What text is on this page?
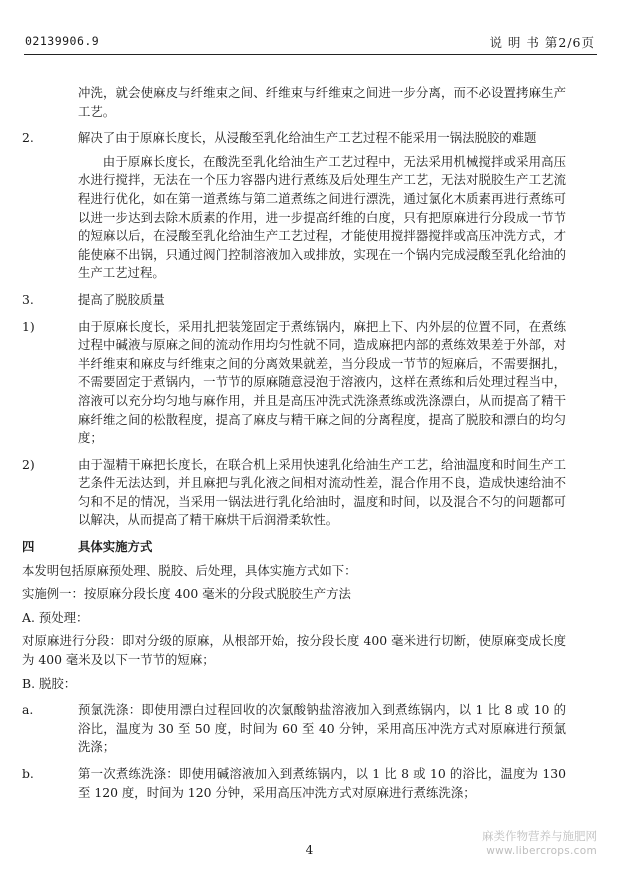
02139906.9	说 明 书 第2/6页

冲洗，就会使麻皮与纤维束之间、纤维束与纤维束之间进一步分离，而不必设置拷麻生产工艺。

2.	解决了由于原麻长度长，从浸酸至乳化给油生产工艺过程不能采用一锅法脱胶的难题

由于原麻长度长，在酸洗至乳化给油生产工艺过程中，无法采用机械搅拌或采用高压水进行搅拌，无法在一个压力容器内进行煮练及后处理生产工艺，无法对脱胶生产工艺流程进行优化，如在第一道煮练与第二道煮练之间进行漂洗，通过氯化木质素再进行煮练可以进一步达到去除木质素的作用，进一步提高纤维的白度，只有把原麻进行分段成一节节的短麻以后，在浸酸至乳化给油生产工艺过程，才能使用搅拌器搅拌或高压冲洗方式，才能使麻不出锅，只通过阀门控制溶液加入或排放，实现在一个锅内完成浸酸至乳化给油的生产工艺过程。

3.	提高了脱胶质量

1)	由于原麻长度长，采用扎把装笼固定于煮练锅内，麻把上下、内外层的位置不同，在煮练过程中碱液与原麻之间的流动作用均匀性就不同，造成麻把内部的煮练效果差于外部，对半纤维束和麻皮与纤维束之间的分离效果就差，当分段成一节节的短麻后，不需要捆扎，不需要固定于煮锅内，一节节的原麻随意浸泡于溶液内，这样在煮练和后处理过程当中，溶液可以充分均匀地与麻作用，并且是高压冲洗式洗涤煮练或洗涤漂白，从而提高了精干麻纤维之间的松散程度，提高了麻皮与精干麻之间的分离程度，提高了脱胶和漂白的均匀度；

2)	由于湿精干麻把长度长，在联合机上采用快速乳化给油生产工艺，给油温度和时间生产工艺条件无法达到，并且麻把与乳化液之间相对流动性差，混合作用不良，造成快速给油不匀和不足的情况，当采用一锅法进行乳化给油时，温度和时间，以及混合不匀的问题都可以解决，从而提高了精干麻烘干后润滑柔软性。

四	具体实施方式

本发明包括原麻预处理、脱胶、后处理，具体实施方式如下：

实施例一：按原麻分段长度 400 毫米的分段式脱胶生产方法

A. 预处理：

对原麻进行分段：即对分级的原麻，从根部开始，按分段长度 400 毫米进行切断，使原麻变成长度为 400 毫米及以下一节节的短麻；

B. 脱胶：

a.	预氯洗涤：即使用漂白过程回收的次氯酸钠盐溶液加入到煮练锅内，以 1 比 8 或 10 的浴比，温度为 30 至 50 度，时间为 60 至 40 分钟，采用高压冲洗方式对原麻进行预氯洗涤；

b.	第一次煮练洗涤：即使用碱溶液加入到煮练锅内，以 1 比 8 或 10 的浴比，温度为 130 至 120 度，时间为 120 分钟，采用高压冲洗方式对原麻进行煮练洗涤；

4
麻类作物营养与施肥网
www.libercrops.com
